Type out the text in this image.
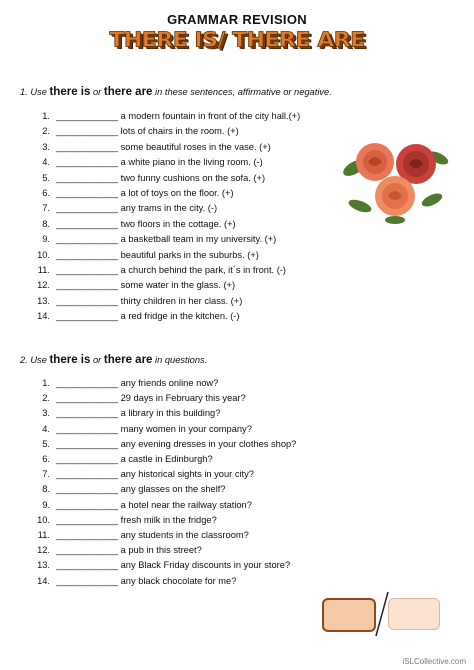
GRAMMAR REVISION
THERE IS/ THERE ARE
1. Use there is or there are in these sentences, affirmative or negative.
1. ____________ a modern fountain in front of the city hall.(+)
2. ____________ lots of chairs in the room. (+)
3. ____________ some beautiful roses in the vase. (+)
4. ____________ a white piano in the living room. (-)
5. ____________ two funny cushions on the sofa. (+)
6. ____________ a lot of toys on the floor. (+)
7. ____________ any trams in the city. (-)
8. ____________ two floors in the cottage. (+)
9. ____________ a basketball team in my university. (+)
10. ____________ beautiful parks in the suburbs. (+)
11. ____________ a church behind the park, it`s in front. (-)
12. ____________ some water in the glass. (+)
13. ____________ thirty children in her class. (+)
14. ____________ a red fridge in the kitchen. (-)
2. Use there is or there are in questions.
1. ____________ any friends online now?
2. ____________ 29 days in February this year?
3. ____________ a library in this building?
4. ____________ many women in your company?
5. ____________ any evening dresses in your clothes shop?
6. ____________ a castle in Edinburgh?
7. ____________ any historical sights in your city?
8. ____________ any glasses on the shelf?
9. ____________ a hotel near the railway station?
10. ____________ fresh milk in the fridge?
11. ____________ any students in the classroom?
12. ____________ a pub in this street?
13. ____________ any Black Friday discounts in your store?
14. ____________ any black chocolate for me?
iSLCollective.com
